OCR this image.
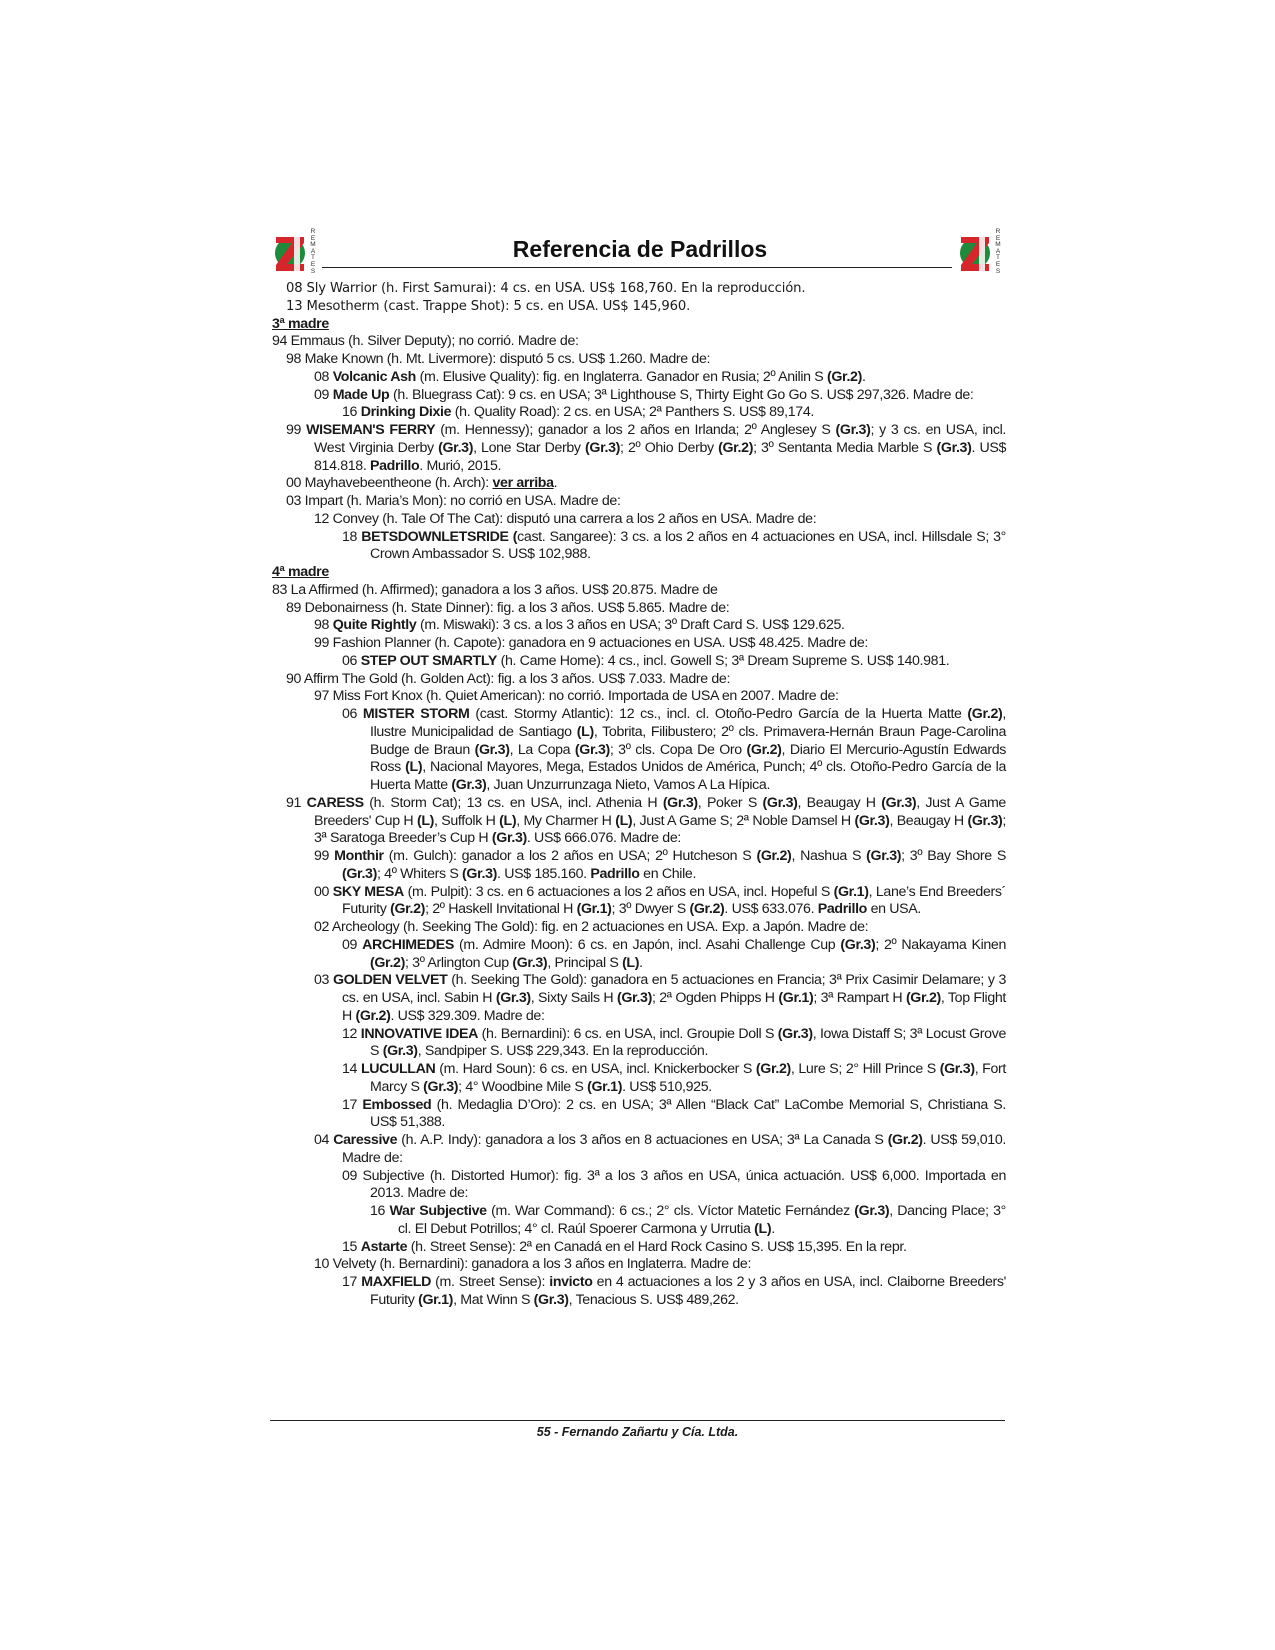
R
E
M
A
T
E
S
Referencia de Padrillos
R
E
M
A
T
E
S
08 Sly Warrior (h. First Samurai): 4 cs. en USA. US$ 168,760. En la reproducción.
13 Mesotherm (cast. Trappe Shot): 5 cs. en USA. US$ 145,960.
3ª madre
94 Emmaus (h. Silver Deputy); no corrió. Madre de:
98 Make Known (h. Mt. Livermore): disputó 5 cs. US$ 1.260. Madre de:
08 Volcanic Ash (m. Elusive Quality): fig. en Inglaterra. Ganador en Rusia; 2º Anilin S (Gr.2).
09 Made Up (h. Bluegrass Cat): 9 cs. en USA; 3ª Lighthouse S, Thirty Eight Go Go S. US$ 297,326. Madre de:
16 Drinking Dixie (h. Quality Road): 2 cs. en USA; 2ª Panthers S. US$ 89,174.
99 WISEMAN'S FERRY (m. Hennessy); ganador a los 2 años en Irlanda; 2º Anglesey S (Gr.3); y 3 cs. en USA, incl. West Virginia Derby (Gr.3), Lone Star Derby (Gr.3); 2º Ohio Derby (Gr.2); 3º Sentanta Media Marble S (Gr.3). US$ 814.818. Padrillo. Murió, 2015.
00 Mayhavebeentheone (h. Arch): ver arriba.
03 Impart (h. Maria’s Mon): no corrió en USA. Madre de:
12 Convey (h. Tale Of The Cat): disputó una carrera a los 2 años en USA. Madre de:
18 BETSDOWNLETSRIDE (cast. Sangaree): 3 cs. a los 2 años en 4 actuaciones en USA, incl. Hillsdale S; 3° Crown Ambassador S. US$ 102,988.
4ª madre
83 La Affirmed (h. Affirmed); ganadora a los 3 años. US$ 20.875. Madre de
89 Debonairness (h. State Dinner): fig. a los 3 años. US$ 5.865. Madre de:
98 Quite Rightly (m. Miswaki): 3 cs. a los 3 años en USA; 3º Draft Card S. US$ 129.625.
99 Fashion Planner (h. Capote): ganadora en 9 actuaciones en USA. US$ 48.425. Madre de:
06 STEP OUT SMARTLY (h. Came Home): 4 cs., incl. Gowell S; 3ª Dream Supreme S. US$ 140.981.
90 Affirm The Gold (h. Golden Act): fig. a los 3 años. US$ 7.033. Madre de:
97 Miss Fort Knox (h. Quiet American): no corrió. Importada de USA en 2007. Madre de:
06 MISTER STORM (cast. Stormy Atlantic): 12 cs., incl. cl. Otoño-Pedro García de la Huerta Matte (Gr.2), Ilustre Municipalidad de Santiago (L), Tobrita, Filibustero; 2º cls. Primavera-Hernán Braun Page-Carolina Budge de Braun (Gr.3), La Copa (Gr.3); 3º cls. Copa De Oro (Gr.2), Diario El Mercurio-Agustín Edwards Ross (L), Nacional Mayores, Mega, Estados Unidos de América, Punch; 4º cls. Otoño-Pedro García de la Huerta Matte (Gr.3), Juan Unzurrunzaga Nieto, Vamos A La Hípica.
91 CARESS (h. Storm Cat); 13 cs. en USA, incl. Athenia H (Gr.3), Poker S (Gr.3), Beaugay H (Gr.3), Just A Game Breeders' Cup H (L), Suffolk H (L), My Charmer H (L), Just A Game S; 2ª Noble Damsel H (Gr.3), Beaugay H (Gr.3); 3ª Saratoga Breeder’s Cup H (Gr.3). US$ 666.076. Madre de:
99 Monthir (m. Gulch): ganador a los 2 años en USA; 2º Hutcheson S (Gr.2), Nashua S (Gr.3); 3º Bay Shore S (Gr.3); 4º Whiters S (Gr.3). US$ 185.160. Padrillo en Chile.
00 SKY MESA (m. Pulpit): 3 cs. en 6 actuaciones a los 2 años en USA, incl. Hopeful S (Gr.1), Lane’s End Breeders´ Futurity (Gr.2); 2º Haskell Invitational H (Gr.1); 3º Dwyer S (Gr.2). US$ 633.076. Padrillo en USA.
02 Archeology (h. Seeking The Gold): fig. en 2 actuaciones en USA. Exp. a Japón. Madre de:
09 ARCHIMEDES (m. Admire Moon): 6 cs. en Japón, incl. Asahi Challenge Cup (Gr.3); 2º Nakayama Kinen (Gr.2); 3º Arlington Cup (Gr.3), Principal S (L).
03 GOLDEN VELVET (h. Seeking The Gold): ganadora en 5 actuaciones en Francia; 3ª Prix Casimir Delamare; y 3 cs. en USA, incl. Sabin H (Gr.3), Sixty Sails H (Gr.3); 2ª Ogden Phipps H (Gr.1); 3ª Rampart H (Gr.2), Top Flight H (Gr.2). US$ 329.309. Madre de:
12 INNOVATIVE IDEA (h. Bernardini): 6 cs. en USA, incl. Groupie Doll S (Gr.3), Iowa Distaff S; 3ª Locust Grove S (Gr.3), Sandpiper S. US$ 229,343. En la reproducción.
14 LUCULLAN (m. Hard Soun): 6 cs. en USA, incl. Knickerbocker S (Gr.2), Lure S; 2° Hill Prince S (Gr.3), Fort Marcy S (Gr.3); 4° Woodbine Mile S (Gr.1). US$ 510,925.
17 Embossed (h. Medaglia D’Oro): 2 cs. en USA; 3ª Allen “Black Cat” LaCombe Memorial S, Christiana S. US$ 51,388.
04 Caressive (h. A.P. Indy): ganadora a los 3 años en 8 actuaciones en USA; 3ª La Canada S (Gr.2). US$ 59,010. Madre de:
09 Subjective (h. Distorted Humor): fig. 3ª a los 3 años en USA, única actuación. US$ 6,000. Importada en 2013. Madre de:
16 War Subjective (m. War Command): 6 cs.; 2° cls. Víctor Matetic Fernández (Gr.3), Dancing Place; 3° cl. El Debut Potrillos; 4° cl. Raúl Spoerer Carmona y Urrutia (L).
15 Astarte (h. Street Sense): 2ª en Canadá en el Hard Rock Casino S. US$ 15,395. En la repr.
10 Velvety (h. Bernardini): ganadora a los 3 años en Inglaterra. Madre de:
17 MAXFIELD (m. Street Sense): invicto en 4 actuaciones a los 2 y 3 años en USA, incl. Claiborne Breeders' Futurity (Gr.1), Mat Winn S (Gr.3), Tenacious S. US$ 489,262.
55 - Fernando Zañartu y Cía. Ltda.
